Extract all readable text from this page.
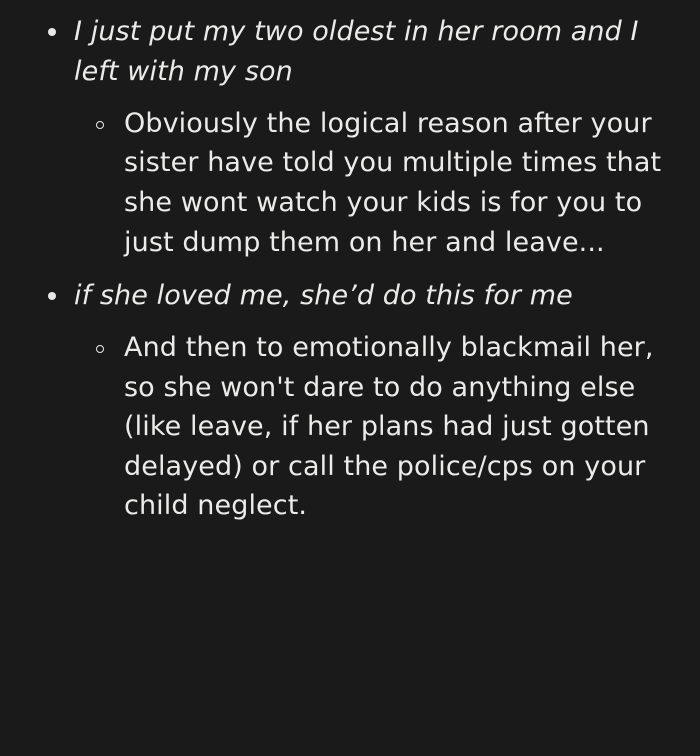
I just put my two oldest in her room and I left with my son
Obviously the logical reason after your sister have told you multiple times that she wont watch your kids is for you to just dump them on her and leave...
if she loved me, she’d do this for me
And then to emotionally blackmail her, so she won't dare to do anything else (like leave, if her plans had just gotten delayed) or call the police/cps on your child neglect.
